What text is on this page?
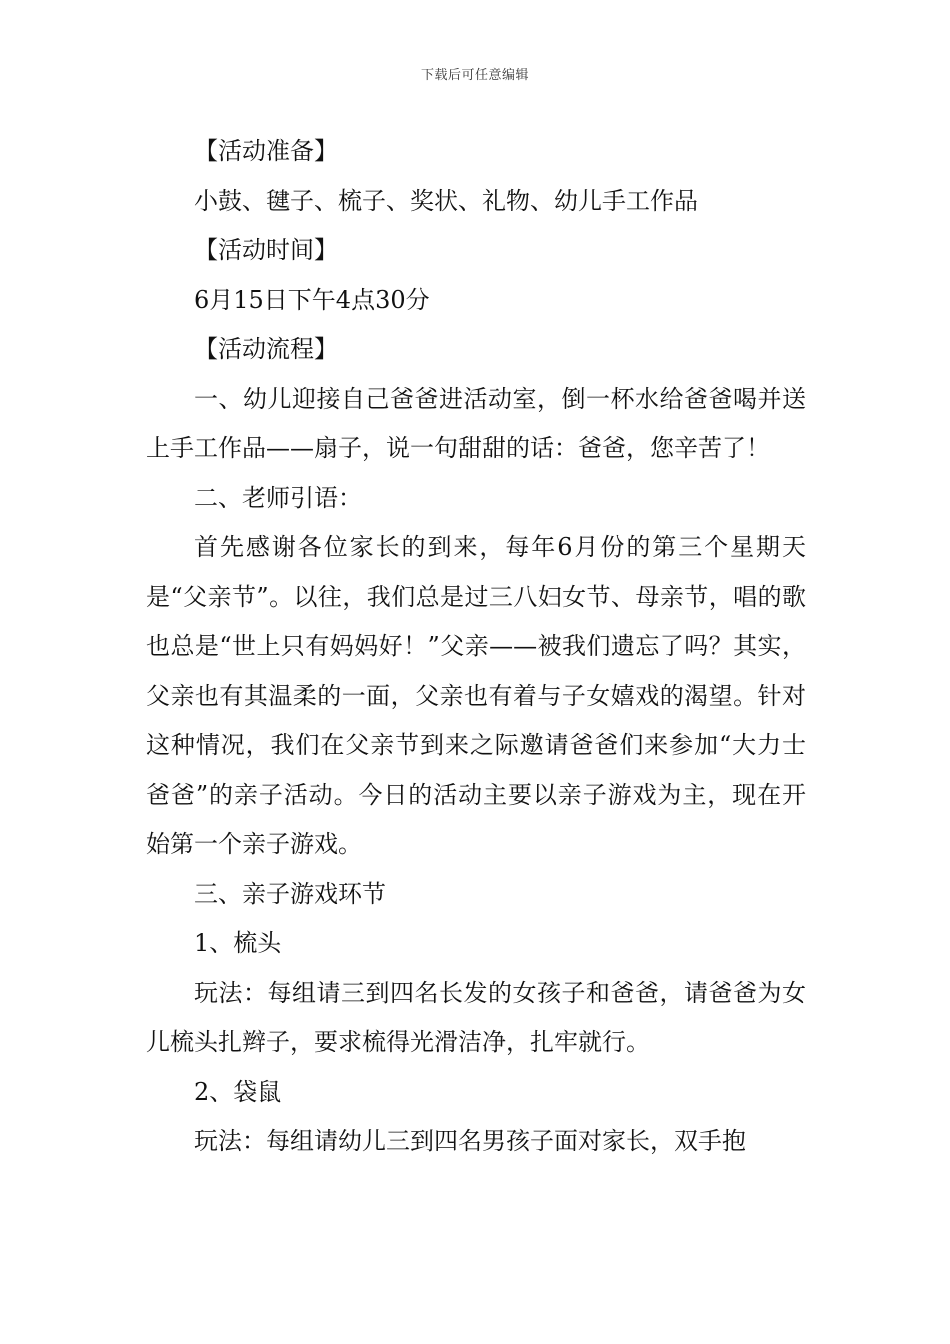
下载后可任意编辑

【活动准备】

小鼓、毽子、梳子、奖状、礼物、幼儿手工作品

【活动时间】

6月15日下午4点30分

【活动流程】

一、幼儿迎接自己爸爸进活动室，倒一杯水给爸爸喝并送上手工作品——扇子，说一句甜甜的话：爸爸，您辛苦了！

二、老师引语：

首先感谢各位家长的到来，每年6月份的第三个星期天是“父亲节”。以往，我们总是过三八妇女节、母亲节，唱的歌也总是“世上只有妈妈好！”父亲——被我们遗忘了吗？其实，父亲也有其温柔的一面，父亲也有着与子女嬉戏的渴望。针对这种情况，我们在父亲节到来之际邀请爸爸们来参加“大力士爸爸”的亲子活动。今日的活动主要以亲子游戏为主，现在开始第一个亲子游戏。

三、亲子游戏环节

1、梳头

玩法：每组请三到四名长发的女孩子和爸爸，请爸爸为女儿梳头扎辫子，要求梳得光滑洁净，扎牢就行。

2、袋鼠

玩法：每组请幼儿三到四名男孩子面对家长，双手抱
